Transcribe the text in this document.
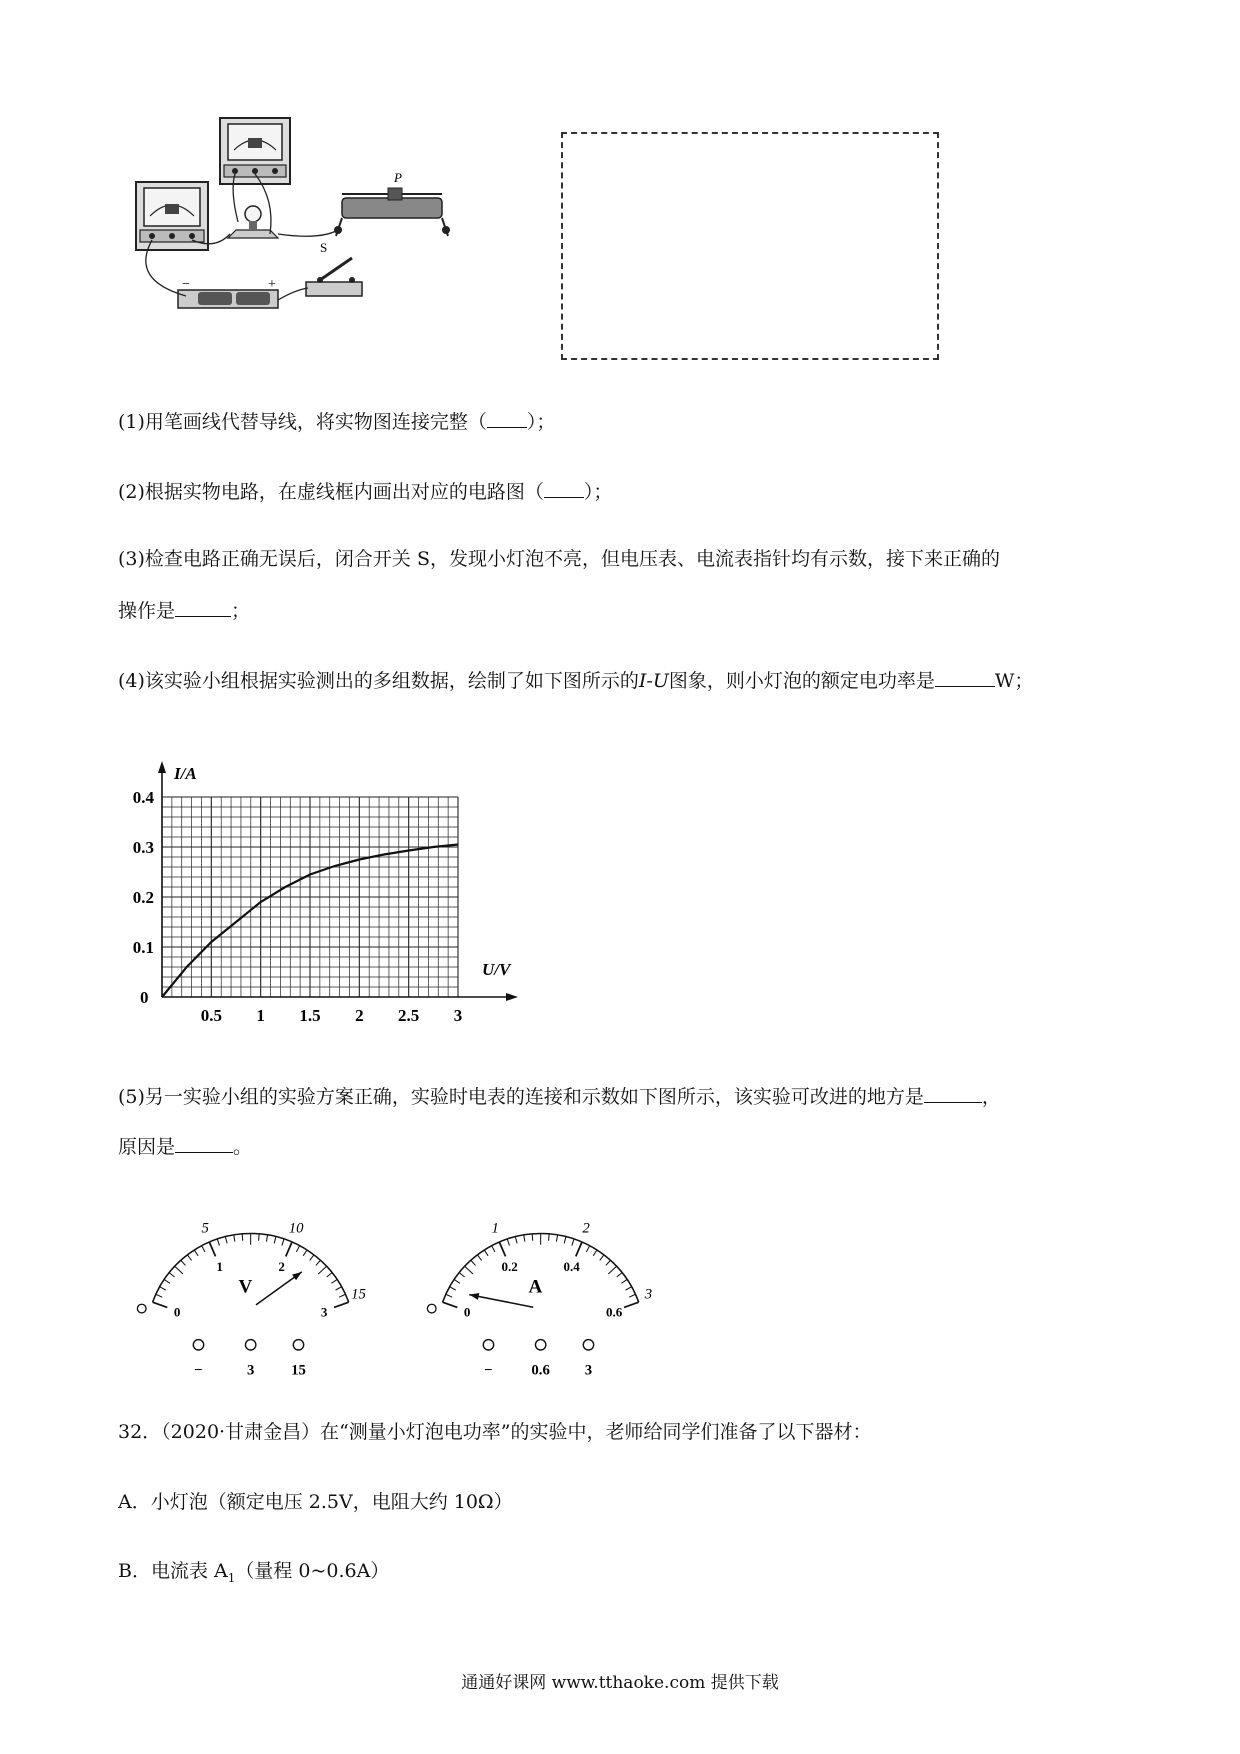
P
−	+
S
(1)用笔画线代替导线，将实物图连接完整（ ）；
(2)根据实物电路，在虚线框内画出对应的电路图（ ）；
(3)检查电路正确无误后，闭合开关 S，发现小灯泡不亮，但电压表、电流表指针均有示数，接下来正确的
操作是	；
(4)该实验小组根据实验测出的多组数据，绘制了如下图所示的I-U图象，则小灯泡的额定电功率是	W；
I/A
U/V
0
0.5 1 1.5 2 2.5 3
0.1
0.2
0.3
0.4
(5)另一实验小组的实验方案正确，实验时电表的连接和示数如下图所示，该实验可改进的地方是	，
原因是	。
5	10
15
0
1	2
3
V
−	3 15
1	2
3
0
0.2	0.4
0.6
A
− 0.6 3
32．（2020·甘肃金昌）在“测量小灯泡电功率”的实验中，老师给同学们准备了以下器材：
A．小灯泡（额定电压 2.5V，电阻大约 10Ω）
B．电流表 $A_1$（量程 0~0.6A）
通通好课网 www.tthaoke.com 提供下载
